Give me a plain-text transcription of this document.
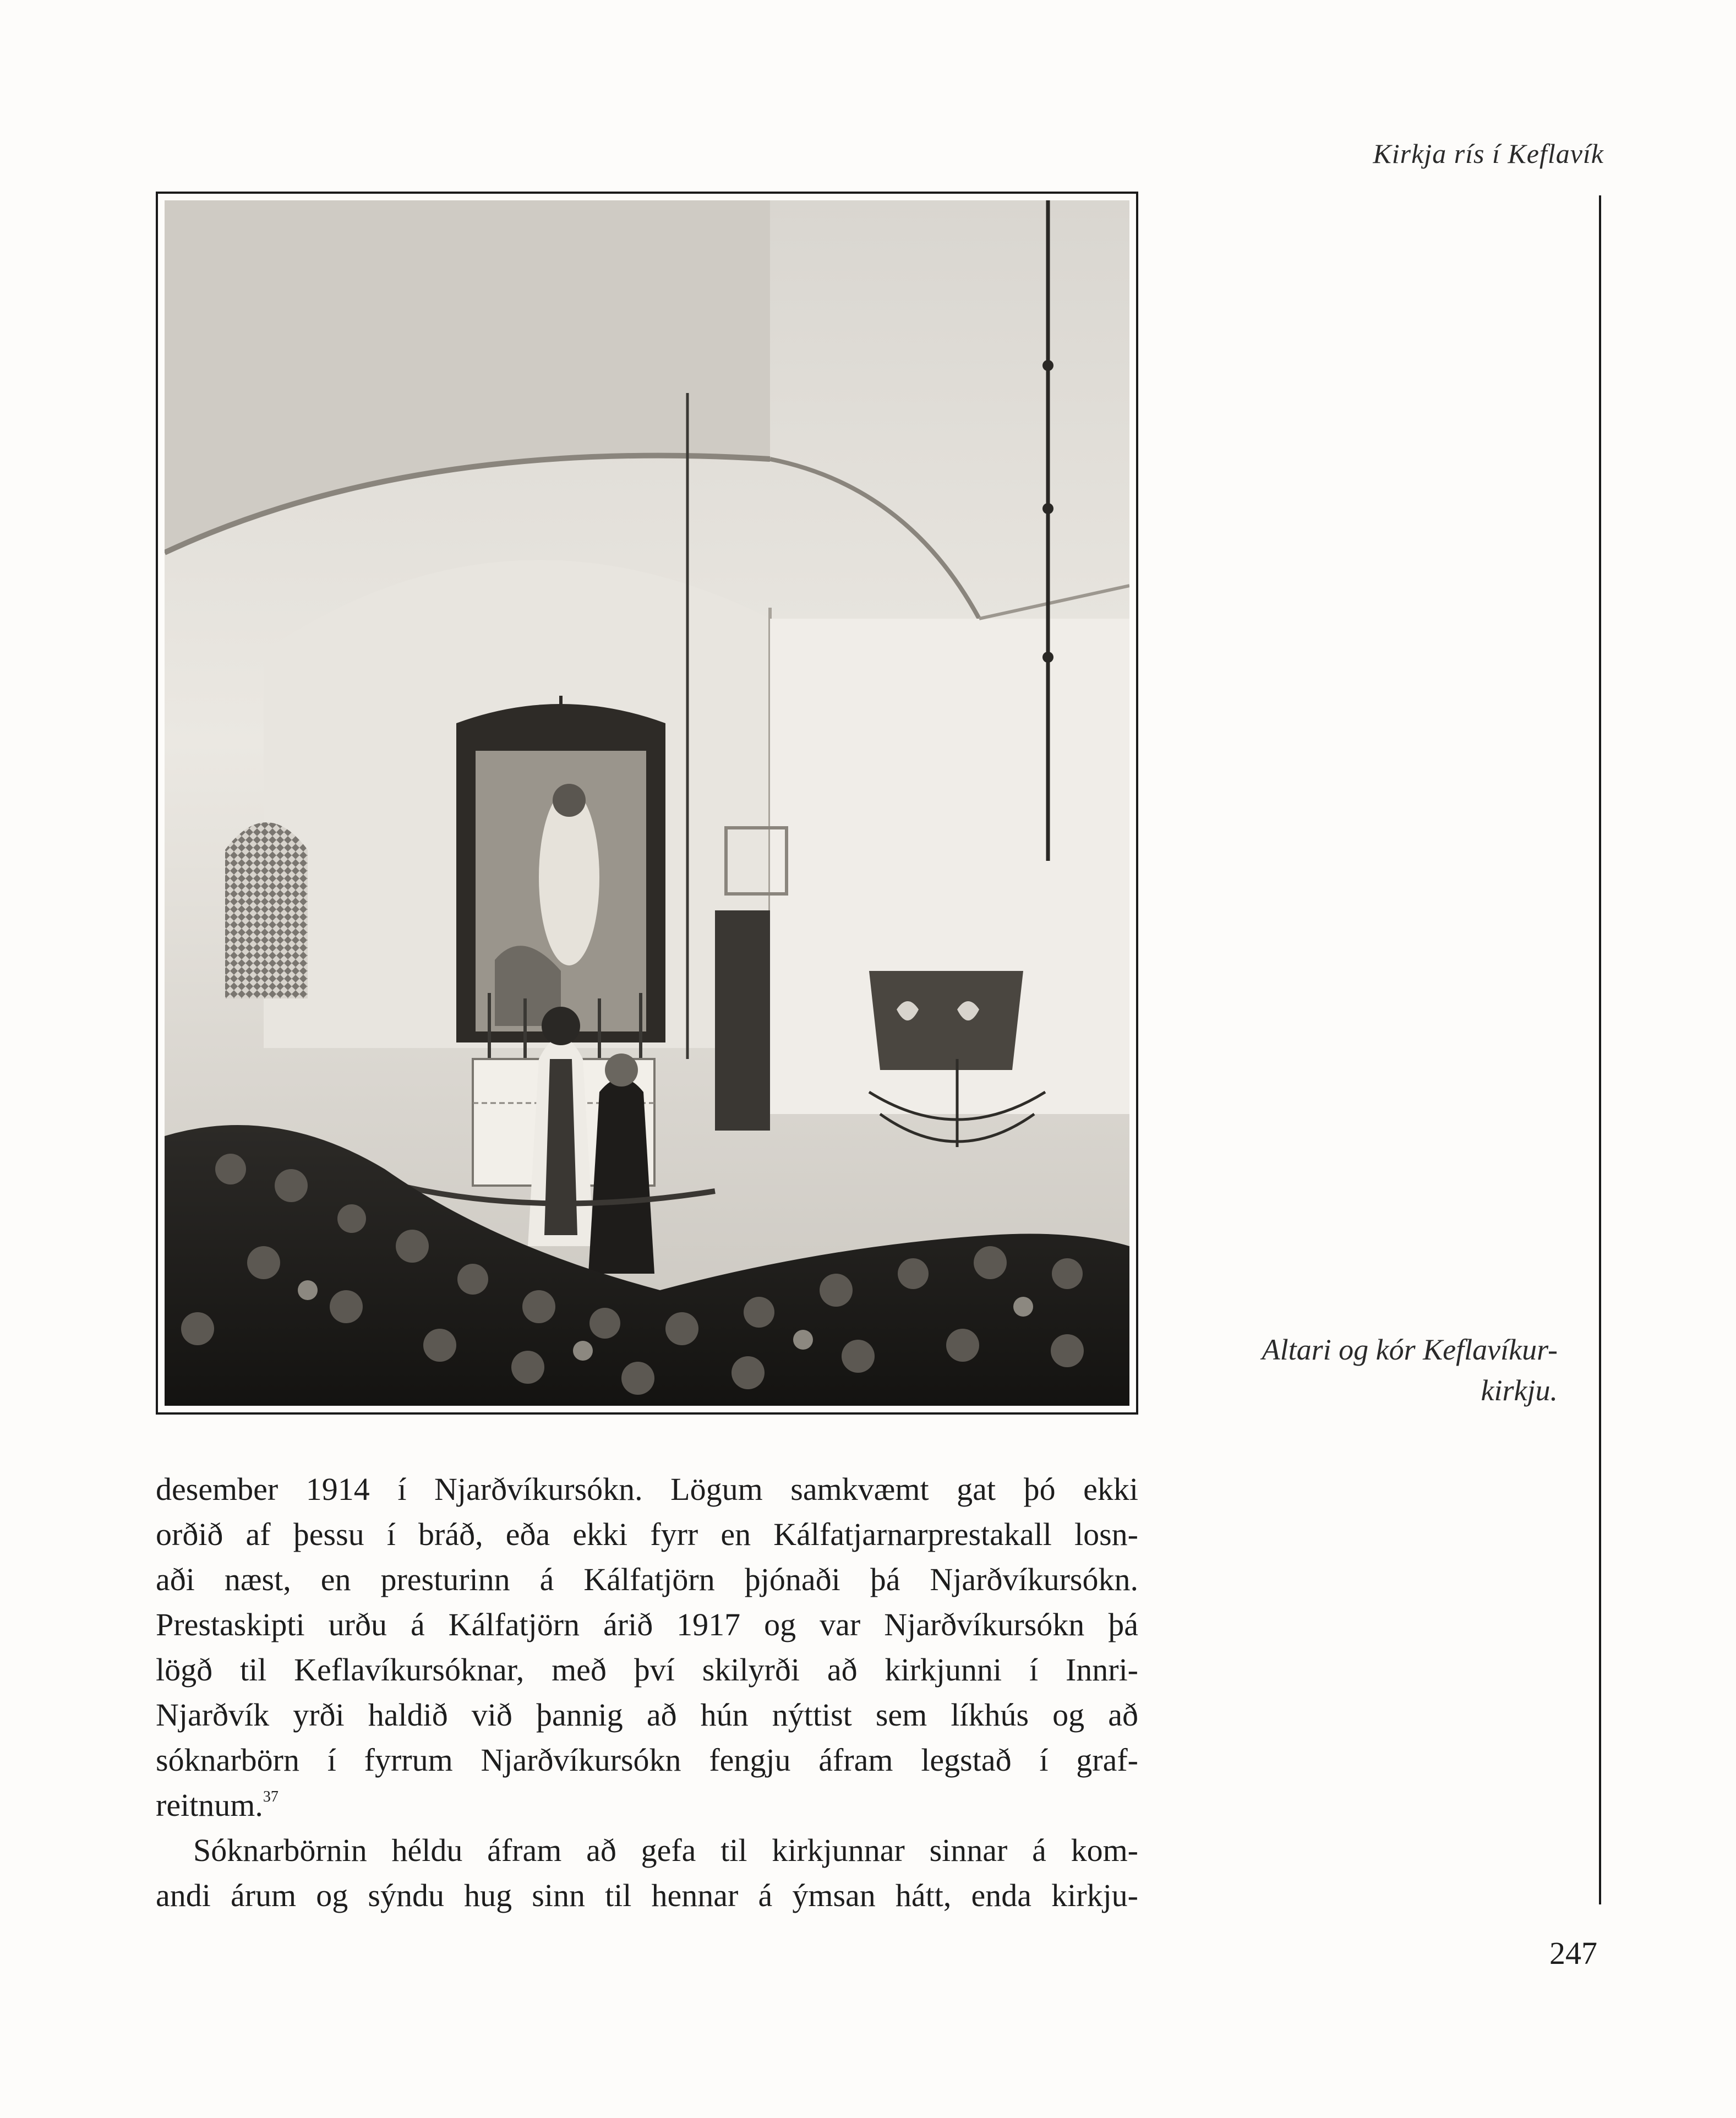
Kirkja rís í Keflavík
Altari og kór Keflavíkur-
kirkju.
desember 1914 í Njarðvíkursókn. Lögum samkvæmt gat þó ekki
orðið af þessu í bráð, eða ekki fyrr en Kálfatjarnarprestakall losn-
aði næst, en presturinn á Kálfatjörn þjónaði þá Njarðvíkursókn.
Prestaskipti urðu á Kálfatjörn árið 1917 og var Njarðvíkursókn þá
lögð til Keflavíkursóknar, með því skilyrði að kirkjunni í Innri-
Njarðvík yrði haldið við þannig að hún nýttist sem líkhús og að
sóknarbörn í fyrrum Njarðvíkursókn fengju áfram legstað í graf-
reitnum.$^{37}$
Sóknarbörnin héldu áfram að gefa til kirkjunnar sinnar á kom-
andi árum og sýndu hug sinn til hennar á ýmsan hátt, enda kirkju-
247
